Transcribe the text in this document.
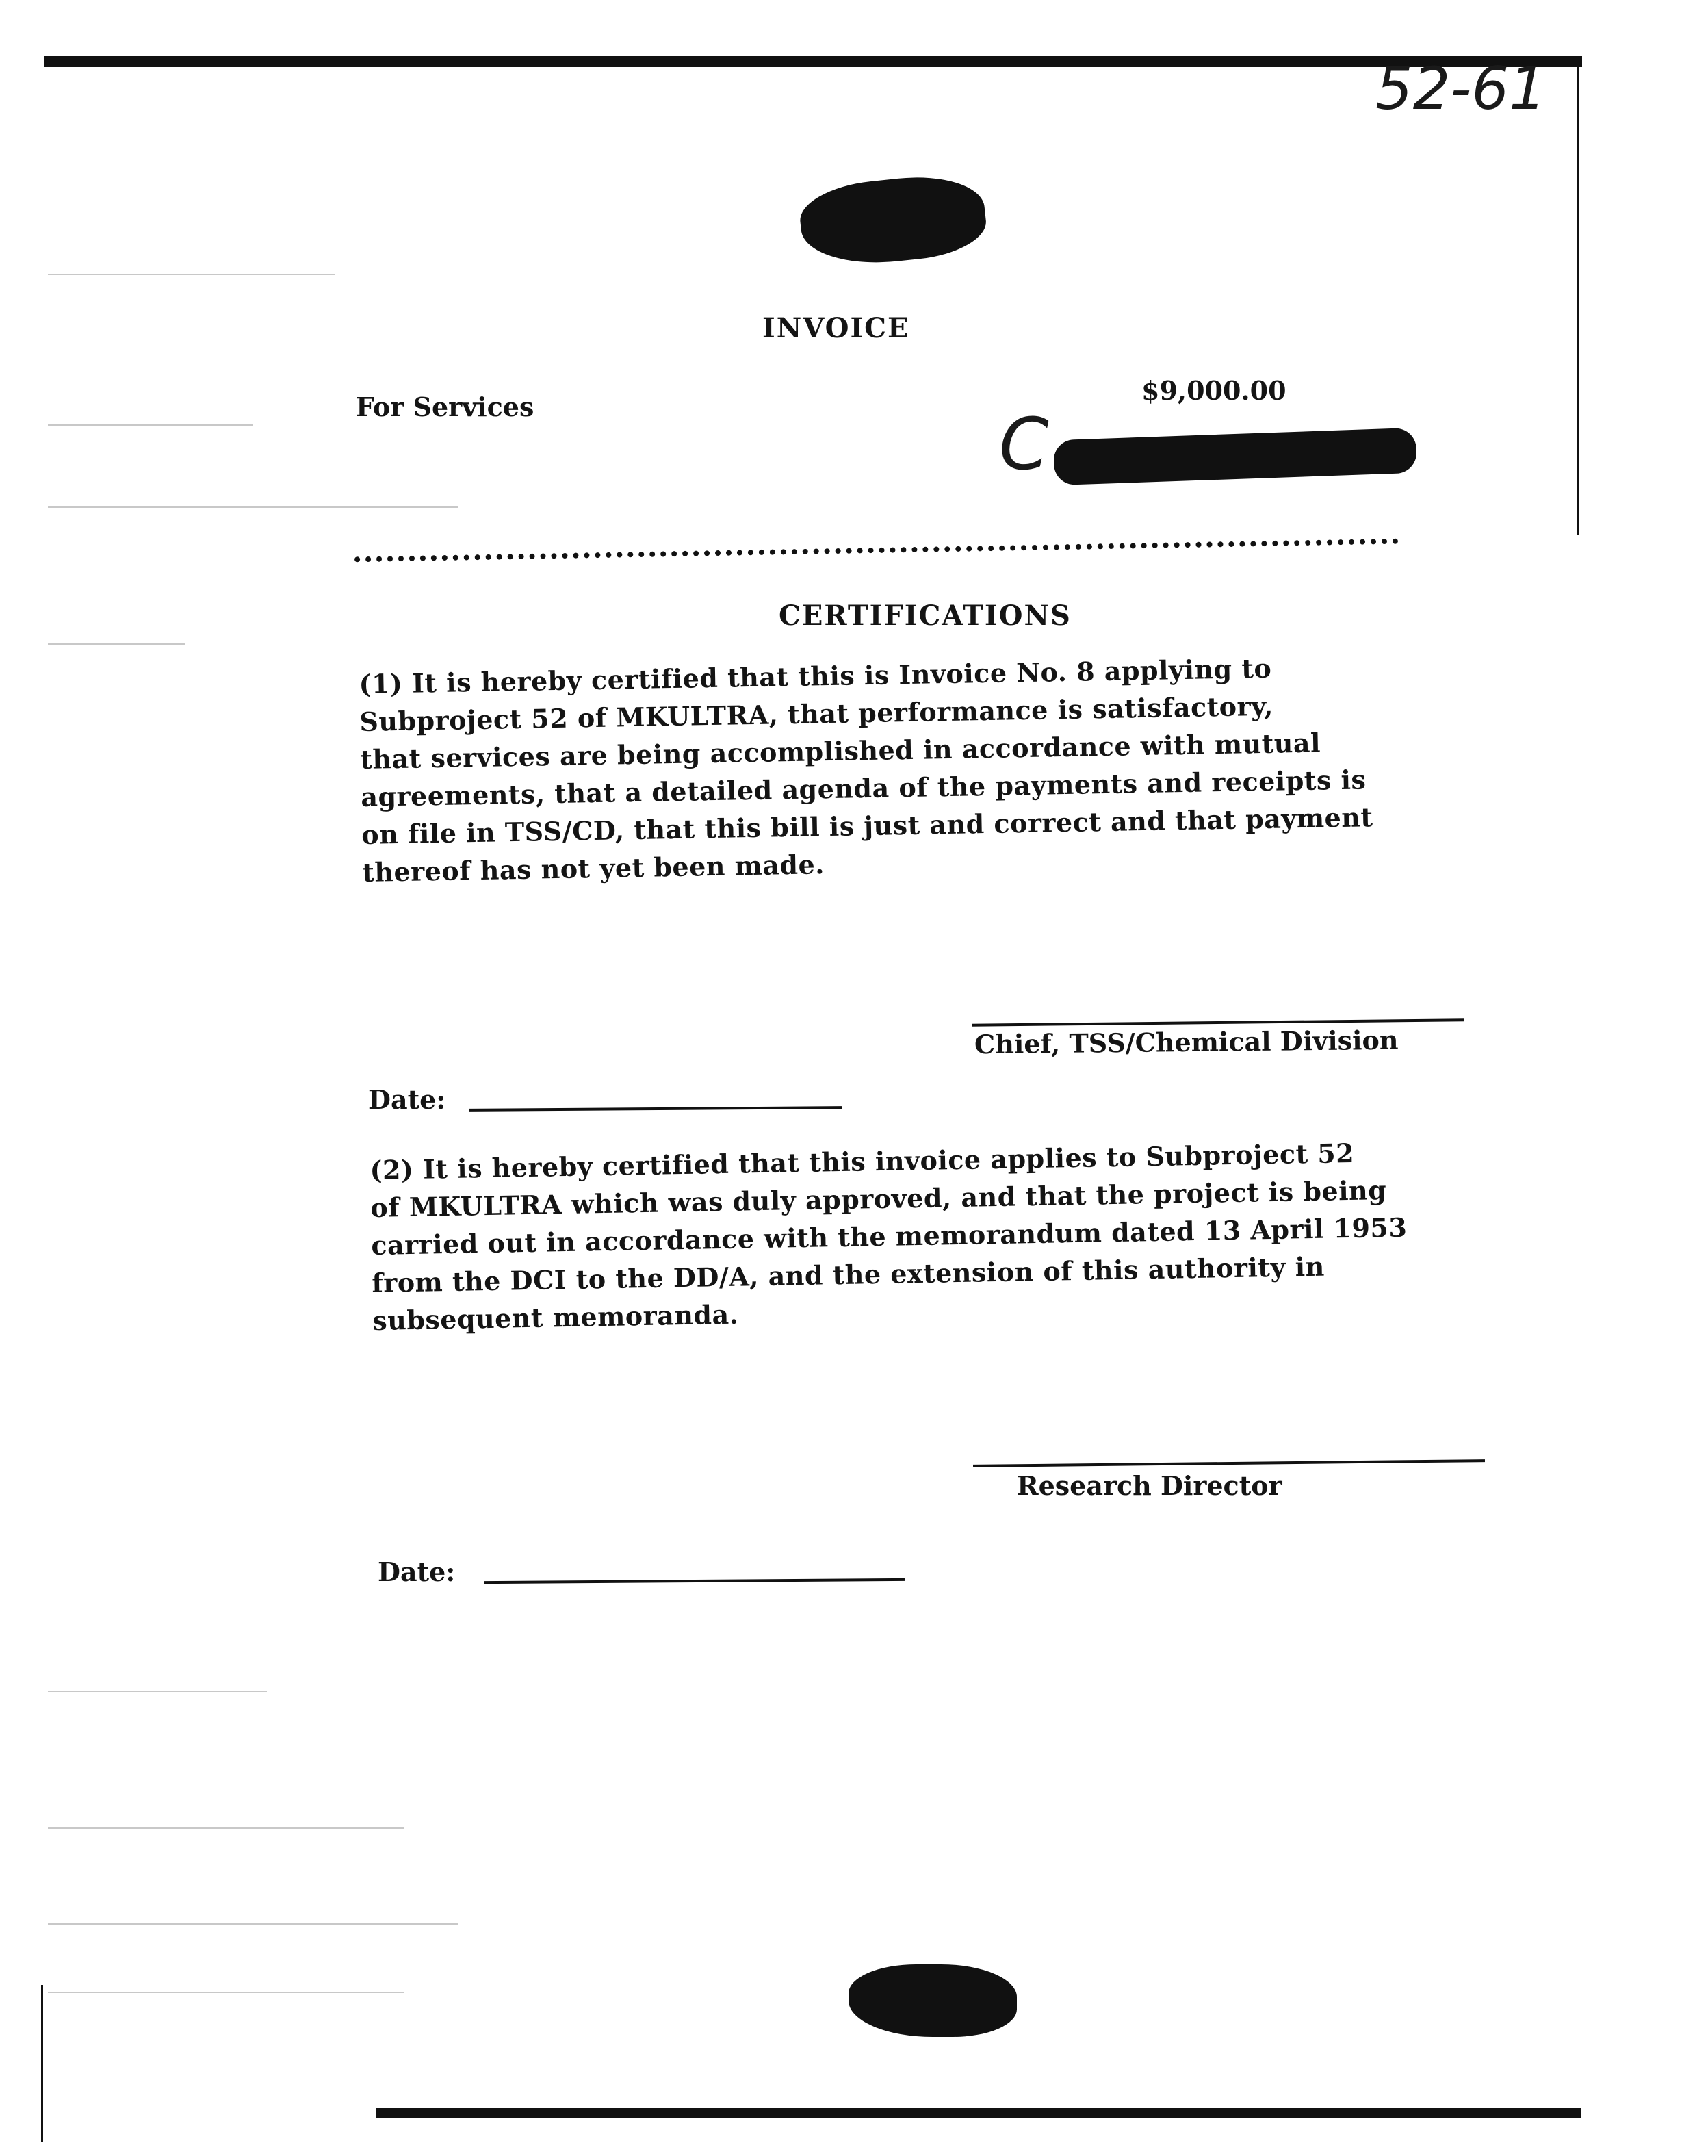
52-61
INVOICE
For Services
$9,000.00
C
CERTIFICATIONS
(1) It is hereby certified that this is Invoice No. 8 applying to
Subproject 52 of MKULTRA, that performance is satisfactory,
that services are being accomplished in accordance with mutual
agreements, that a detailed agenda of the payments and receipts is
on file in TSS/CD, that this bill is just and correct and that payment
thereof has not yet been made.
Chief, TSS/Chemical Division
Date:
(2) It is hereby certified that this invoice applies to Subproject 52
of MKULTRA which was duly approved, and that the project is being
carried out in accordance with the memorandum dated 13 April 1953
from the DCI to the DD/A, and the extension of this authority in
subsequent memoranda.
Research Director
Date:
